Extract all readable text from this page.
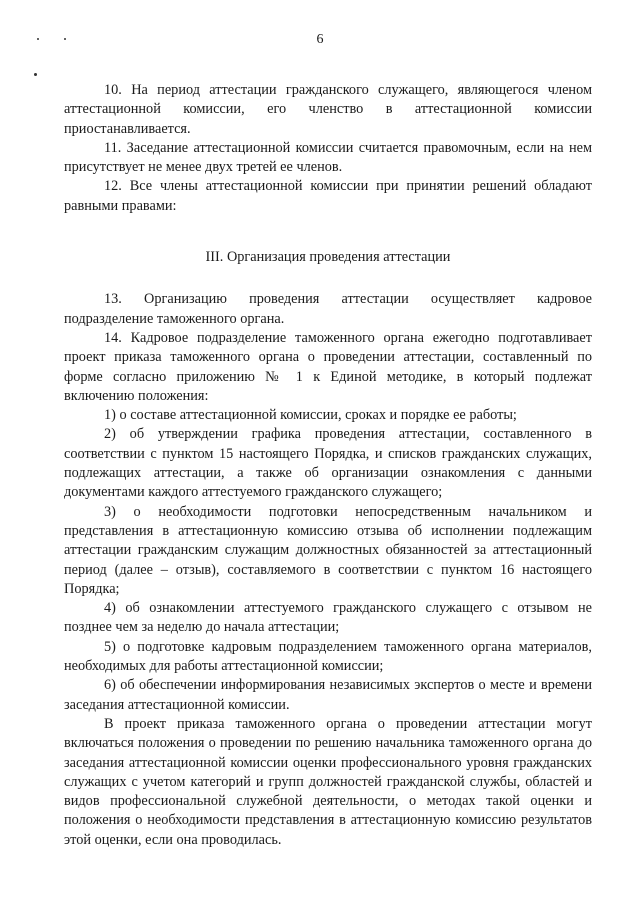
6

10. На период аттестации гражданского служащего, являющегося членом аттестационной комиссии, его членство в аттестационной комиссии приостанавливается.

11. Заседание аттестационной комиссии считается правомочным, если на нем присутствует не менее двух третей ее членов.

12. Все члены аттестационной комиссии при принятии решений обладают равными правами:

III. Организация проведения аттестации

13. Организацию проведения аттестации осуществляет кадровое подразделение таможенного органа.

14. Кадровое подразделение таможенного органа ежегодно подготавливает проект приказа таможенного органа о проведении аттестации, составленный по форме согласно приложению № 1 к Единой методике, в который подлежат включению положения:

1) о составе аттестационной комиссии, сроках и порядке ее работы;

2) об утверждении графика проведения аттестации, составленного в соответствии с пунктом 15 настоящего Порядка, и списков гражданских служащих, подлежащих аттестации, а также об организации ознакомления с данными документами каждого аттестуемого гражданского служащего;

3) о необходимости подготовки непосредственным начальником и представления в аттестационную комиссию отзыва об исполнении подлежащим аттестации гражданским служащим должностных обязанностей за аттестационный период (далее – отзыв), составляемого в соответствии с пунктом 16 настоящего Порядка;

4) об ознакомлении аттестуемого гражданского служащего с отзывом не позднее чем за неделю до начала аттестации;

5) о подготовке кадровым подразделением таможенного органа материалов, необходимых для работы аттестационной комиссии;

6) об обеспечении информирования независимых экспертов о месте и времени заседания аттестационной комиссии.

В проект приказа таможенного органа о проведении аттестации могут включаться положения о проведении по решению начальника таможенного органа до заседания аттестационной комиссии оценки профессионального уровня гражданских служащих с учетом категорий и групп должностей гражданской службы, областей и видов профессиональной служебной деятельности, о методах такой оценки и положения о необходимости представления в аттестационную комиссию результатов этой оценки, если она проводилась.
